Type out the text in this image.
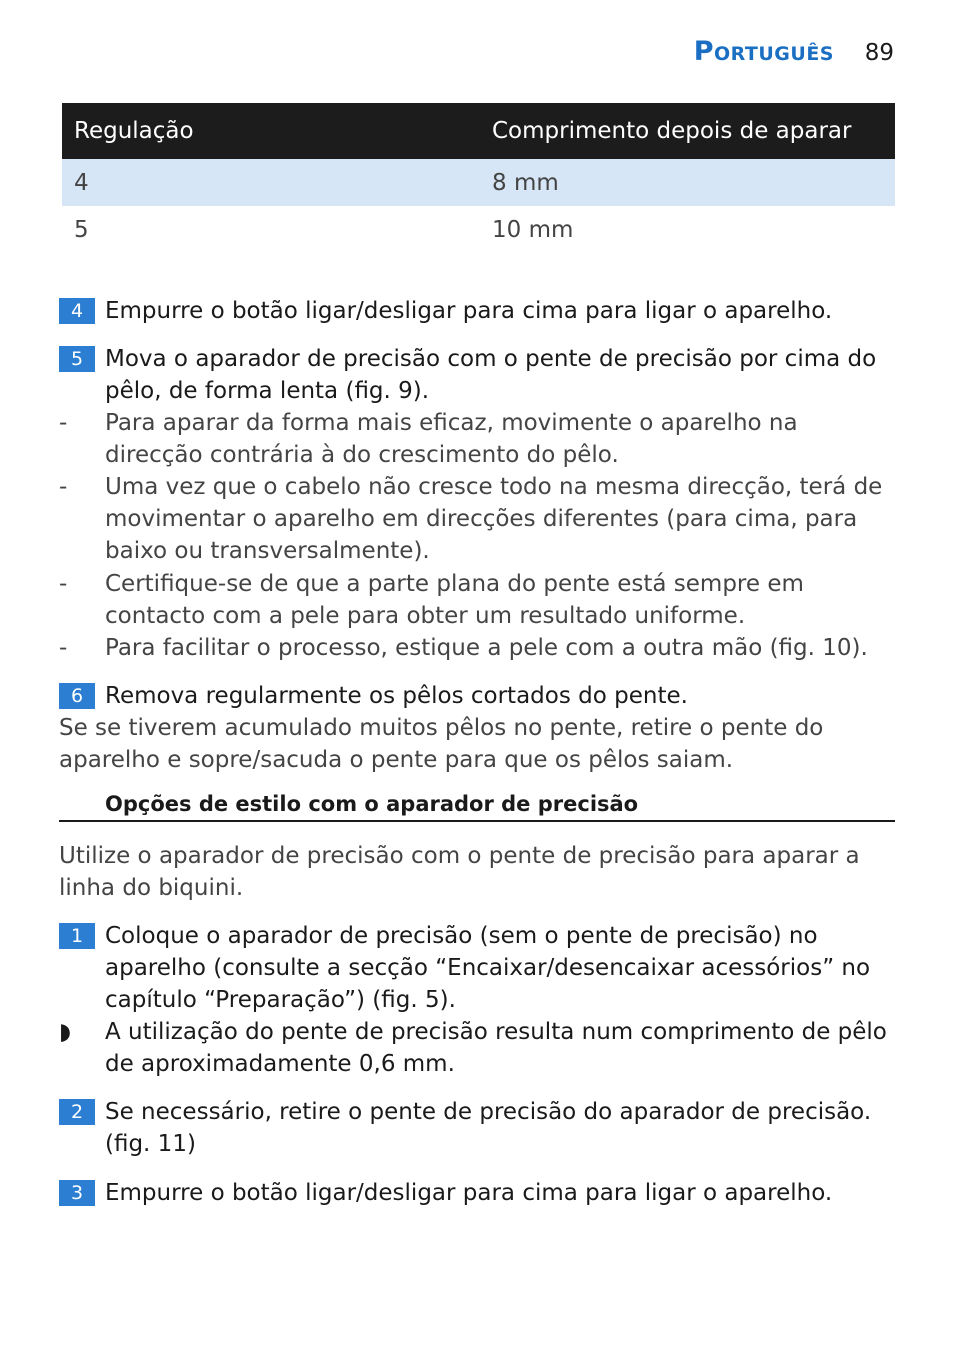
Português 89
Regulação	Comprimento depois de aparar
4	8 mm
5	10 mm
4 Empurre o botão ligar/desligar para cima para ligar o aparelho.
5 Mova o aparador de precisão com o pente de precisão por cima do pêlo, de forma lenta (fig. 9).
- Para aparar da forma mais eficaz, movimente o aparelho na direcção contrária à do crescimento do pêlo.
- Uma vez que o cabelo não cresce todo na mesma direcção, terá de movimentar o aparelho em direcções diferentes (para cima, para baixo ou transversalmente).
- Certifique-se de que a parte plana do pente está sempre em contacto com a pele para obter um resultado uniforme.
- Para facilitar o processo, estique a pele com a outra mão (fig. 10).
6 Remova regularmente os pêlos cortados do pente.
Se se tiverem acumulado muitos pêlos no pente, retire o pente do aparelho e sopre/sacuda o pente para que os pêlos saiam.
Opções de estilo com o aparador de precisão
Utilize o aparador de precisão com o pente de precisão para aparar a linha do biquini.
1 Coloque o aparador de precisão (sem o pente de precisão) no aparelho (consulte a secção “Encaixar/desencaixar acessórios” no capítulo “Preparação”) (fig. 5).
◗ A utilização do pente de precisão resulta num comprimento de pêlo de aproximadamente 0,6 mm.
2 Se necessário, retire o pente de precisão do aparador de precisão. (fig. 11)
3 Empurre o botão ligar/desligar para cima para ligar o aparelho.
